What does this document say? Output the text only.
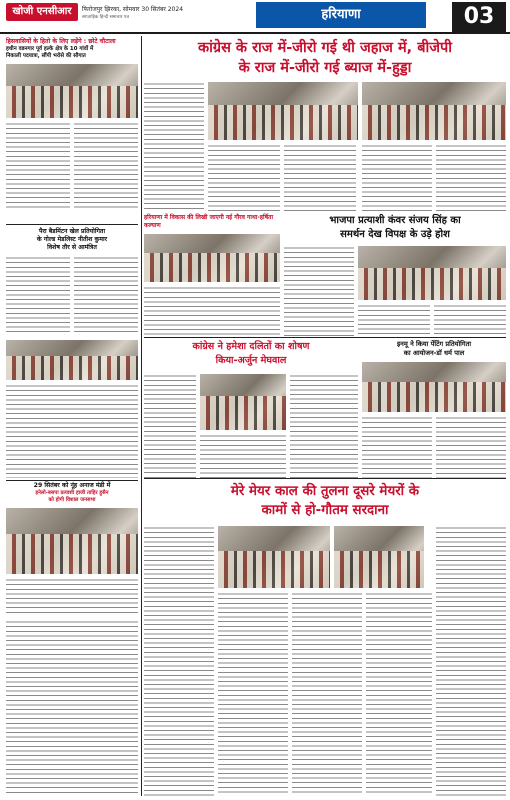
खोजी एनसीआर	फिरोजपुर झिरका, सोमवार 30 सितंबर 2024
साप्ताहिक हिन्दी समाचार पत्र	हरियाणा	03
हिसवासियों के हितो के लिए लड़ेंगे : छोटे चौटाला
हथीन वडनगार पूर्व हल्के क्षेत्र के 10 गांवों में
निकाली पदयात्रा, सौंपी भरोसे की सौगात	कांग्रेस के राज में-जीरो गई थी जहाज में, बीजेपी
के राज में-जीरो गई ब्याज में-हुड्डा
हरियाणा में विकास की लिखी जाएगी नई गौरव गाथा-हर्षिता कल्याण
पैरा बैडमिंटन खेल प्रतियोगिता
के गोल्ड मेडलिस्ट नीतीश कुमार
विशेष तौर से आमंत्रित
भाजपा प्रत्याशी कंवर संजय सिंह का
समर्थन देख विपक्ष के उड़े होश
कांग्रेस ने हमेशा दलितों का शोषण
किया-अर्जुन मेघवाल
इनमू ने किया पेंटिंग प्रतियोगिता
का आयोजन-डॉ धर्म पाल
29 सितंबर को नूंह अनाज मंडी में
इनेलो-बसपा प्रत्याशी हाजी ताहिर हुसैन
को होगी विशाल जनसभा
मेरे मेयर काल की तुलना दूसरे मेयरों के
कामों से हो-गौतम सरदाना
